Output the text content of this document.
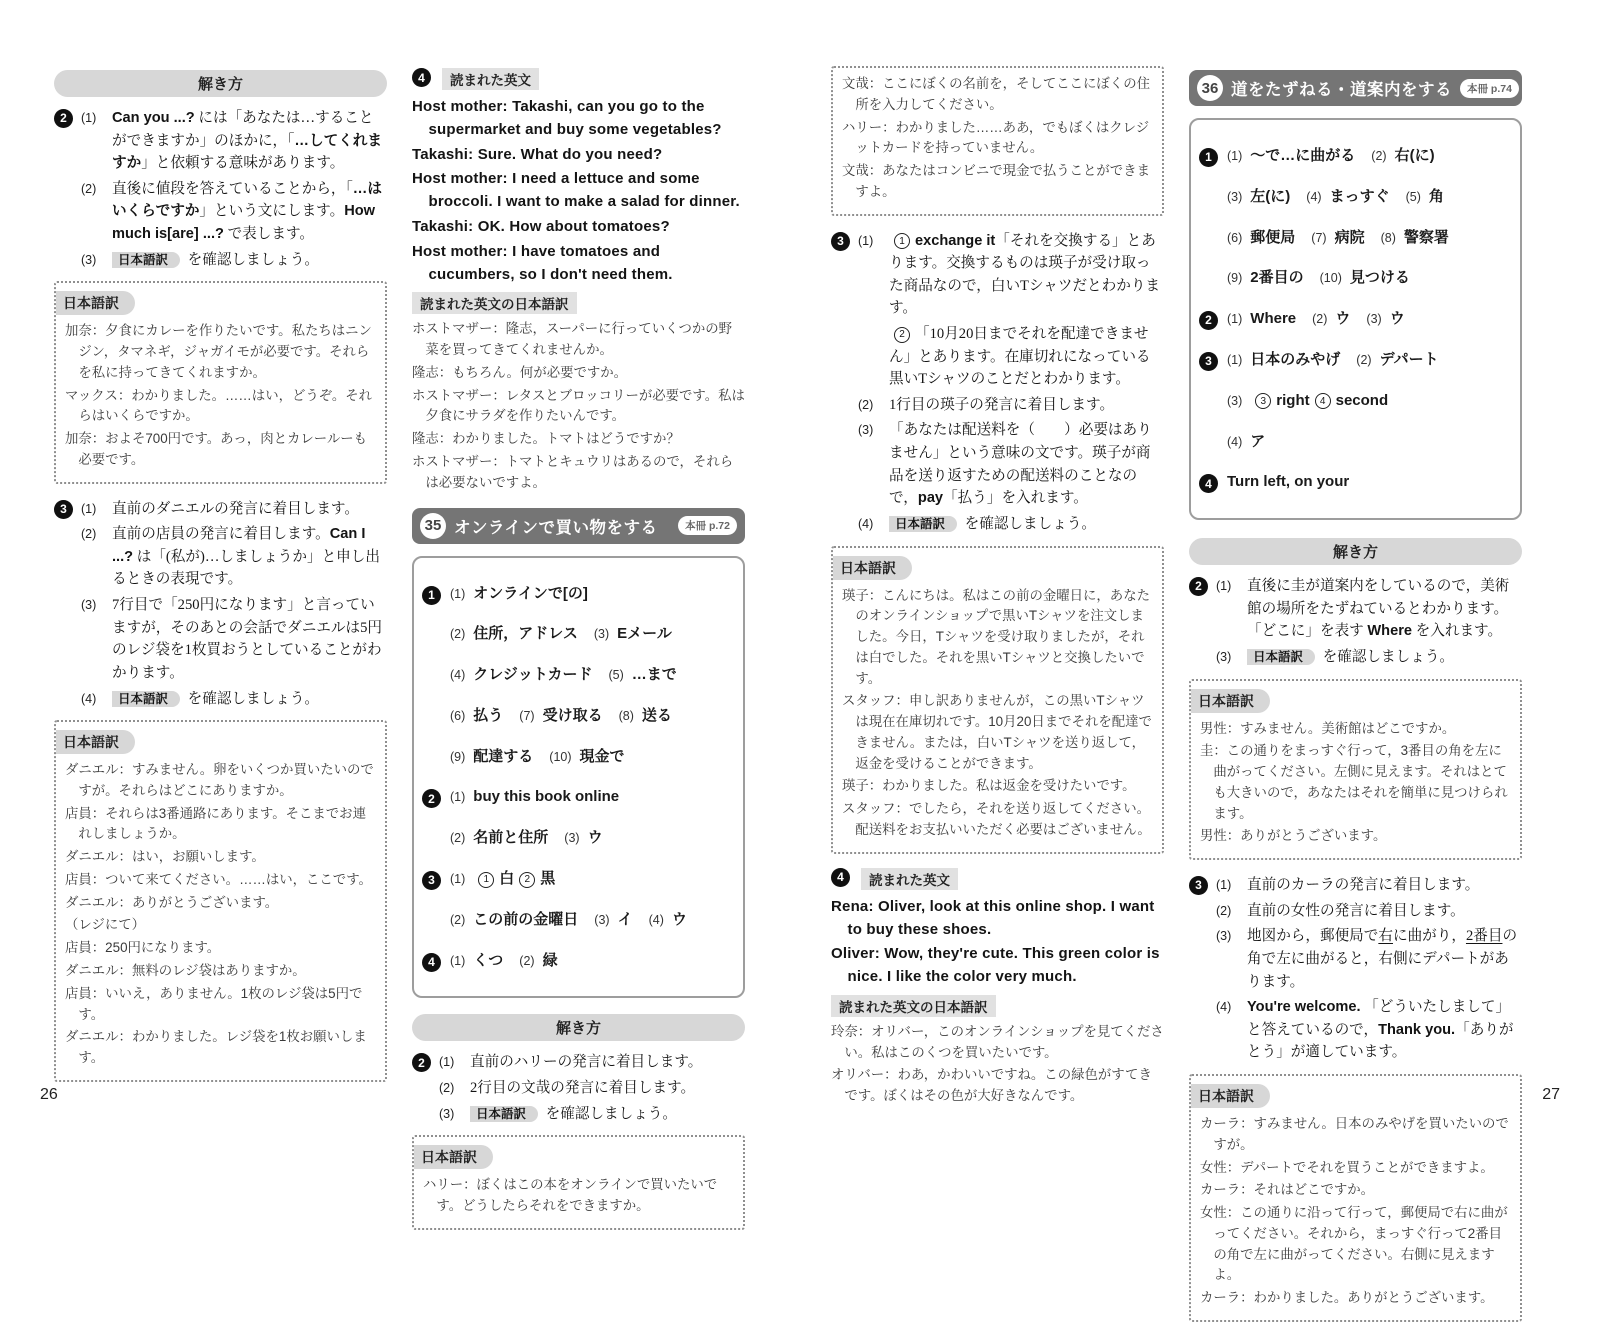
解き方

2	(1) Can you ...? には「あなたは…することができますか」のほかに，「…してくれますか」と依頼する意味があります。

(2) 直後に値段を答えていることから，「…はいくらですか」という文にします。How much is[are] ...? で表します。

(3) 日本語訳 を確認しましょう。

日本語訳

加奈：夕食にカレーを作りたいです。私たちはニンジン，タマネギ，ジャガイモが必要です。それらを私に持ってきてくれますか。

マックス：わかりました。……はい，どうぞ。それらはいくらですか。

加奈：およそ700円です。あっ，肉とカレールーも必要です。

3	(1) 直前のダニエルの発言に着目します。

(2) 直前の店員の発言に着目します。Can I ...? は「(私が)…しましょうか」と申し出るときの表現です。

(3) 7行目で「250円になります」と言っていますが，そのあとの会話でダニエルは5円のレジ袋を1枚買おうとしていることがわかります。

(4) 日本語訳 を確認しましょう。

日本語訳

ダニエル：すみません。卵をいくつか買いたいのですが。それらはどこにありますか。

店員：それらは3番通路にあります。そこまでお連れしましょうか。

ダニエル：はい，お願いします。

店員：ついて来てください。……はい，ここです。

ダニエル：ありがとうございます。

（レジにて）

店員：250円になります。

ダニエル：無料のレジ袋はありますか。

店員：いいえ，ありません。1枚のレジ袋は5円です。

ダニエル：わかりました。レジ袋を1枚お願いします。

4	読まれた英文

Host mother: Takashi, can you go to the supermarket and buy some vegetables?

Takashi: Sure. What do you need?

Host mother: I need a lettuce and some broccoli. I want to make a salad for dinner.

Takashi: OK. How about tomatoes?

Host mother: I have tomatoes and cucumbers, so I don't need them.

読まれた英文の日本語訳

ホストマザー：隆志，スーパーに行っていくつかの野菜を買ってきてくれませんか。

隆志：もちろん。何が必要ですか。

ホストマザー：レタスとブロッコリーが必要です。私は夕食にサラダを作りたいんです。

隆志：わかりました。トマトはどうですか？

ホストマザー：トマトとキュウリはあるので，それらは必要ないですよ。

35 オンラインで買い物をする	本冊 p.72

1	(1) オンラインで[の]

(2) 住所，アドレス (3) Eメール

(4) クレジットカード (5) …まで

(6) 払う (7) 受け取る (8) 送る

(9) 配達する (10) 現金で

2	(1) buy this book online

(2) 名前と住所 (3) ウ

3	(1) 1 白 2 黒

(2) この前の金曜日 (3) イ (4) ウ

4	(1) くつ (2) 緑

解き方

2	(1) 直前のハリーの発言に着目します。

(2) 2行目の文哉の発言に着目します。

(3) 日本語訳 を確認しましょう。

日本語訳

ハリー：ぼくはこの本をオンラインで買いたいです。どうしたらそれをできますか。

文哉：ここにぼくの名前を，そしてここにぼくの住所を入力してください。

ハリー：わかりました……ああ，でもぼくはクレジットカードを持っていません。

文哉：あなたはコンビニで現金で払うことができますよ。

3	(1)	1 exchange it「それを交換する」とあります。交換するものは瑛子が受け取った商品なので，白いTシャツだとわかります。

2 「10月20日までそれを配達できません」とあります。在庫切れになっている黒いTシャツのことだとわかります。

(2) 1行目の瑛子の発言に着目します。

(3) 「あなたは配送料を（　　）必要はありません」という意味の文です。瑛子が商品を送り返すための配送料のことなので，pay「払う」を入れます。

(4) 日本語訳 を確認しましょう。

日本語訳

瑛子：こんにちは。私はこの前の金曜日に，あなたのオンラインショップで黒いTシャツを注文しました。今日，Tシャツを受け取りましたが，それは白でした。それを黒いTシャツと交換したいです。

スタッフ：申し訳ありませんが，この黒いTシャツは現在在庫切れです。10月20日までそれを配達できません。または，白いTシャツを送り返して，返金を受けることができます。

瑛子：わかりました。私は返金を受けたいです。

スタッフ：でしたら，それを送り返してください。配送料をお支払いいただく必要はございません。

4	読まれた英文

Rena: Oliver, look at this online shop. I want to buy these shoes.

Oliver: Wow, they're cute. This green color is nice. I like the color very much.

読まれた英文の日本語訳

玲奈：オリバー，このオンラインショップを見てください。私はこのくつを買いたいです。

オリバー：わあ，かわいいですね。この緑色がすてきです。ぼくはその色が大好きなんです。

36 道をたずねる・道案内をする	本冊 p.74

1	(1) 〜で…に曲がる (2) 右(に)

(3) 左(に) (4) まっすぐ (5) 角

(6) 郵便局 (7) 病院 (8) 警察署

(9) 2番目の (10) 見つける

2	(1) Where (2) ウ (3) ウ

3	(1) 日本のみやげ (2) デパート

(3) 3 right 4 second

(4) ア

4	Turn left, on your

解き方

2	(1) 直後に圭が道案内をしているので，美術館の場所をたずねているとわかります。「どこに」を表す Where を入れます。

(3) 日本語訳 を確認しましょう。

日本語訳

男性：すみません。美術館はどこですか。

圭：この通りをまっすぐ行って，3番目の角を左に曲がってください。左側に見えます。それはとても大きいので，あなたはそれを簡単に見つけられます。

男性：ありがとうございます。

3	(1) 直前のカーラの発言に着目します。

(2) 直前の女性の発言に着目します。

(3) 地図から，郵便局で右に曲がり，2番目の角で左に曲がると，右側にデパートがあります。

(4) You're welcome. 「どういたしまして」と答えているので，Thank you.「ありがとう」が適しています。

日本語訳

カーラ：すみません。日本のみやげを買いたいのですが。

女性：デパートでそれを買うことができますよ。

カーラ：それはどこですか。

女性：この通りに沿って行って，郵便局で右に曲がってください。それから，まっすぐ行って2番目の角で左に曲がってください。右側に見えますよ。

カーラ：わかりました。ありがとうございます。

26	27
